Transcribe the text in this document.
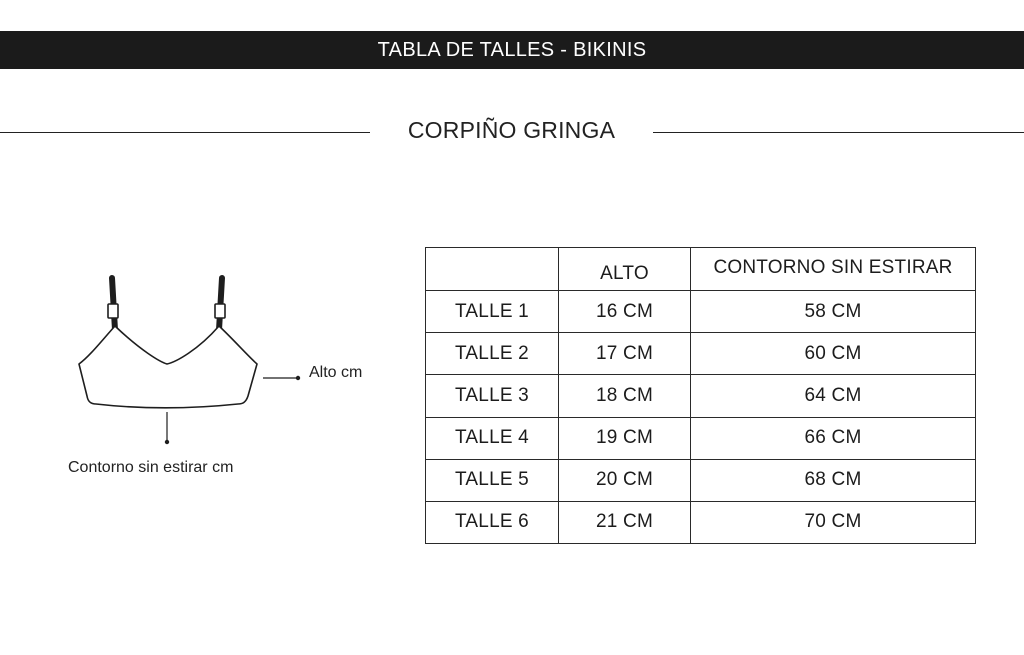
TABLA DE TALLES - BIKINIS
CORPIÑO GRINGA
Alto cm
Contorno sin estirar cm
	ALTO	CONTORNO SIN ESTIRAR
TALLE 1	16 CM	58 CM
TALLE 2	17 CM	60 CM
TALLE 3	18 CM	64 CM
TALLE 4	19 CM	66 CM
TALLE 5	20 CM	68 CM
TALLE 6	21 CM	70 CM
